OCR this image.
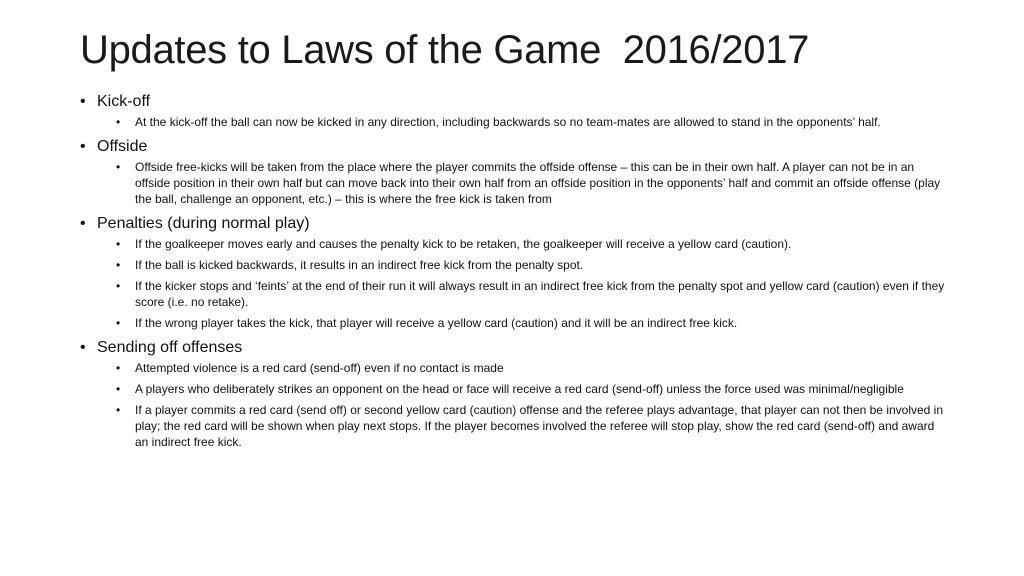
Updates to Laws of the Game  2016/2017
• Kick-off
• At the kick-off the ball can now be kicked in any direction, including backwards so no team-mates are allowed to stand in the opponents’ half.
• Offside
• Offside free-kicks will be taken from the place where the player commits the offside offense – this can be in their own half. A player can not be in an offside position in their own half but can move back into their own half from an offside position in the opponents’ half and commit an offside offense (play the ball, challenge an opponent, etc.) – this is where the free kick is taken from
• Penalties (during normal play)
• If the goalkeeper moves early and causes the penalty kick to be retaken, the goalkeeper will receive a yellow card (caution).
• If the ball is kicked backwards, it results in an indirect free kick from the penalty spot.
• If the kicker stops and ‘feints’ at the end of their run it will always result in an indirect free kick from the penalty spot and yellow card (caution) even if they score (i.e. no retake).
• If the wrong player takes the kick, that player will receive a yellow card (caution) and it will be an indirect free kick.
• Sending off offenses
• Attempted violence is a red card (send-off) even if no contact is made
• A players who deliberately strikes an opponent on the head or face will receive a red card (send-off) unless the force used was minimal/negligible
• If a player commits a red card (send off) or second yellow card (caution) offense and the referee plays advantage, that player can not then be involved in play; the red card will be shown when play next stops. If the player becomes involved the referee will stop play, show the red card (send-off) and award an indirect free kick.
